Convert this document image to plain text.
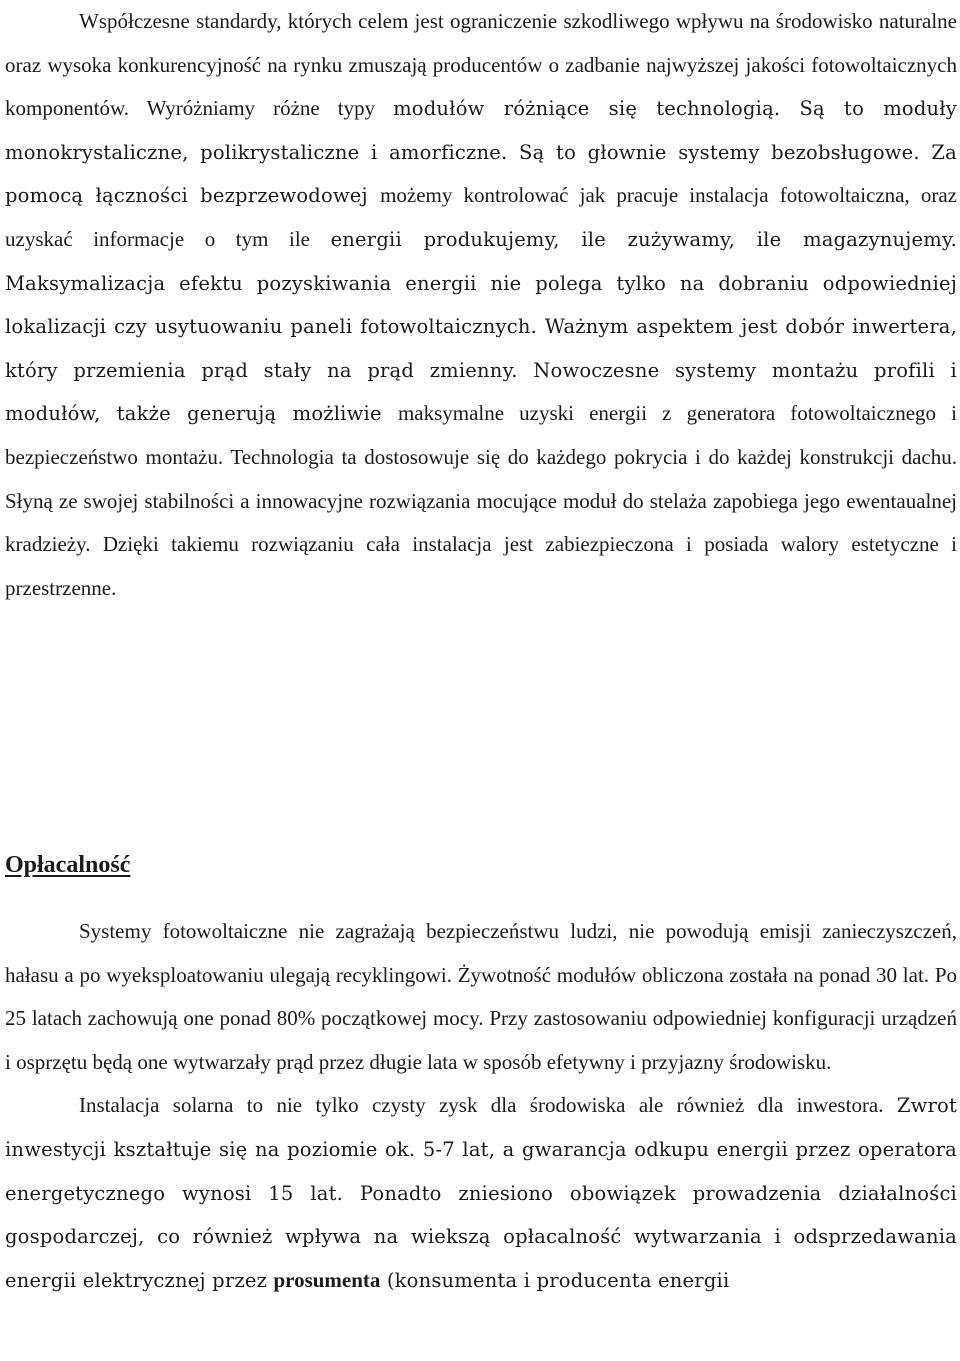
Współczesne standardy, których celem jest ograniczenie szkodliwego wpływu na środowisko naturalne oraz wysoka konkurencyjność na rynku zmuszają producentów o zadbanie najwyższej jakości fotowoltaicznych komponentów. Wyróżniamy różne typy modułów różniące się technologią. Są to moduły monokrystaliczne, polikrystaliczne i amorficzne. Są to głownie systemy bezobsługowe. Za pomocą łączności bezprzewodowej możemy kontrolować jak pracuje instalacja fotowoltaiczna, oraz uzyskać informacje o tym ile energii produkujemy, ile zużywamy, ile magazynujemy. Maksymalizacja efektu pozyskiwania energii nie polega tylko na dobraniu odpowiedniej lokalizacji czy usytuowaniu paneli fotowoltaicznych. Ważnym aspektem jest dobór inwertera, który przemienia prąd stały na prąd zmienny. Nowoczesne systemy montażu profili i modułów, także generują możliwie maksymalne uzyski energii z generatora fotowoltaicznego i bezpieczeństwo montażu. Technologia ta dostosowuje się do każdego pokrycia i do każdej konstrukcji dachu. Słyną ze swojej stabilności a innowacyjne rozwiązania mocujące moduł do stelaża zapobiega jego ewentaualnej kradzieży. Dzięki takiemu rozwiązaniu cała instalacja jest zabiezpieczona i posiada walory estetyczne i przestrzenne.

Opłacalność

Systemy fotowoltaiczne nie zagrażają bezpieczeństwu ludzi, nie powodują emisji zanieczyszczeń, hałasu a po wyeksploatowaniu ulegają recyklingowi. Żywotność modułów obliczona została na ponad 30 lat. Po 25 latach zachowują one ponad 80% początkowej mocy. Przy zastosowaniu odpowiedniej konfiguracji urządzeń i osprzętu będą one wytwarzały prąd przez długie lata w sposób efetywny i przyjazny środowisku.

Instalacja solarna to nie tylko czysty zysk dla środowiska ale również dla inwestora. Zwrot inwestycji kształtuje się na poziomie ok. 5-7 lat, a gwarancja odkupu energii przez operatora energetycznego wynosi 15 lat. Ponadto zniesiono obowiązek prowadzenia działalności gospodarczej, co również wpływa na wiekszą opłacalność wytwarzania i odsprzedawania energii elektrycznej przez prosumenta (konsumenta i producenta energii
